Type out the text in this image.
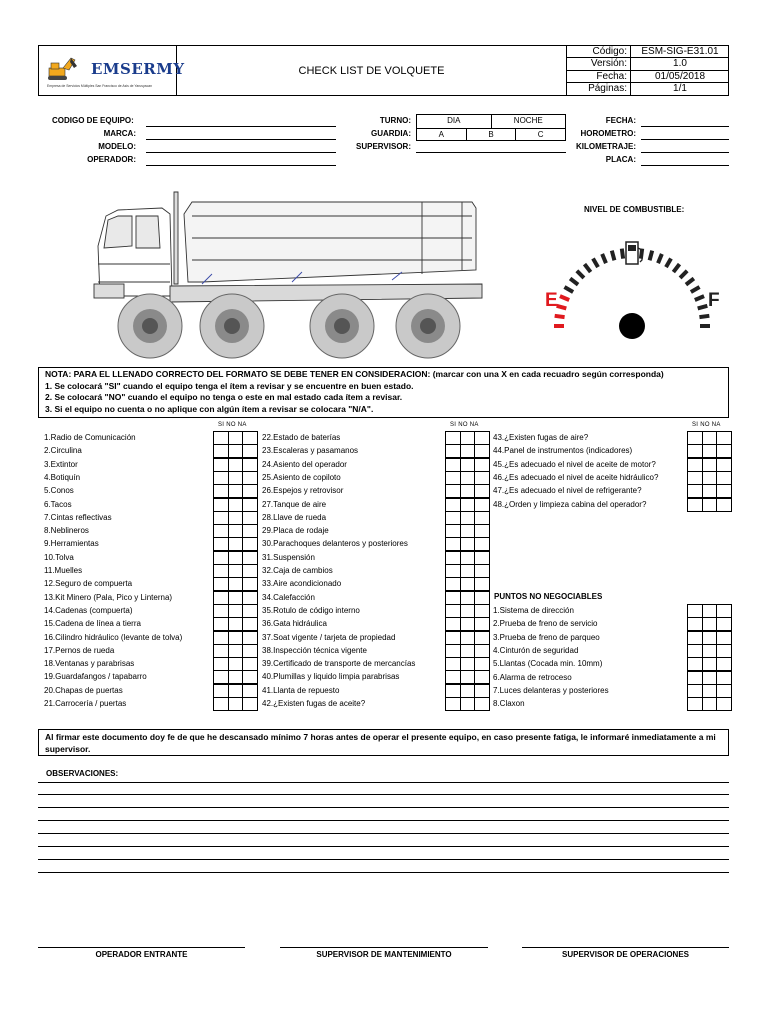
EMSERMY
Empresa de Servicios Múltiples San Francisco de Asis de Yarusyacan
CHECK LIST DE VOLQUETE
Código:	ESM-SIG-E31.01
Versión:	1.0
Fecha:	01/05/2018
Páginas:	1/1
CODIGO DE EQUIPO:
MARCA:
MODELO:
OPERADOR:
TURNO:
GUARDIA:
SUPERVISOR:
DIA	NOCHE
A	B	C
FECHA:
HOROMETRO:
KILOMETRAJE:
PLACA:
NIVEL DE COMBUSTIBLE:
E	F

NOTA: PARA EL LLENADO CORRECTO DEL FORMATO SE DEBE TENER EN CONSIDERACION: (marcar con una X en cada recuadro según corresponda)

1. Se colocará "SI" cuando el equipo tenga el ítem a revisar y se encuentre en buen estado.

2. Se colocará "NO" cuando el equipo no tenga o este en mal estado cada ítem a revisar.

3. Si el equipo no cuenta o no aplique con algún ítem a revisar se colocara "N/A".

SI NO NA	SI NO NA	SI NO NA
1.Radio de Comunicación
2.Circulina
3.Extintor
4.Botiquín
5.Conos
6.Tacos
7.Cintas reflectivas
8.Neblineros
9.Herramientas
10.Tolva
11.Muelles
12.Seguro de compuerta
13.Kit Minero (Pala, Pico y Linterna)
14.Cadenas (compuerta)
15.Cadena de línea a tierra
16.Cilindro hidráulico (levante de tolva)
17.Pernos de rueda
18.Ventanas y parabrisas
19.Guardafangos / tapabarro
20.Chapas de puertas
21.Carrocería / puertas
22.Estado de baterías
23.Escaleras y pasamanos
24.Asiento del operador
25.Asiento de copiloto
26.Espejos y retrovisor
27.Tanque de aire
28.Llave de rueda
29.Placa de rodaje
30.Parachoques delanteros y posteriores
31.Suspensión
32.Caja de cambios
33.Aire acondicionado
34.Calefacción
35.Rotulo de código interno
36.Gata hidráulica
37.Soat vigente / tarjeta de propiedad
38.Inspección técnica vigente
39.Certificado de transporte de mercancías
40.Plumillas y liquido limpia parabrisas
41.Llanta de repuesto
42.¿Existen fugas de aceite?
43.¿Existen fugas de aire?
44.Panel de instrumentos (indicadores)
45.¿Es adecuado el nivel de aceite de motor?
46.¿Es adecuado el nivel de aceite hidráulico?
47.¿Es adecuado el nivel de refrigerante?
48.¿Orden y limpieza cabina del operador?
PUNTOS NO NEGOCIABLES
1.Sistema de dirección
2.Prueba de freno de servicio
3.Prueba de freno de parqueo
4.Cinturón de seguridad
5.Llantas (Cocada min. 10mm)
6.Alarma de retroceso
7.Luces delanteras y posteriores
8.Claxon
Al firmar este documento doy fe de que he descansado mínimo 7 horas antes de operar el presente equipo, en caso presente fatiga, le informaré inmediatamente a mi supervisor.
OBSERVACIONES:
OPERADOR ENTRANTE	SUPERVISOR DE MANTENIMIENTO	SUPERVISOR DE OPERACIONES
